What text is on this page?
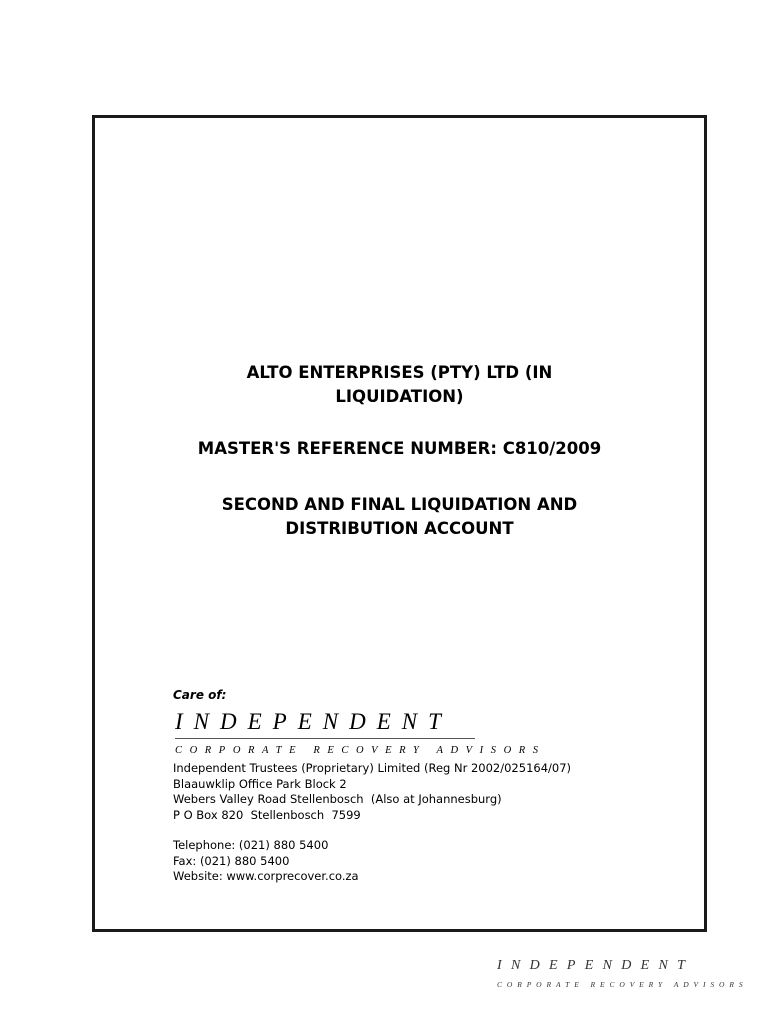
ALTO ENTERPRISES (PTY) LTD (IN
LIQUIDATION)
MASTER'S REFERENCE NUMBER: C810/2009
SECOND AND FINAL LIQUIDATION AND
DISTRIBUTION ACCOUNT
Care of:
INDEPENDENT
CORPORATE RECOVERY ADVISORS
Independent Trustees (Proprietary) Limited (Reg Nr 2002/025164/07)
Blaauwklip Office Park Block 2
Webers Valley Road Stellenbosch  (Also at Johannesburg)
P O Box 820  Stellenbosch  7599
Telephone: (021) 880 5400
Fax: (021) 880 5400
Website: www.corprecover.co.za
INDEPENDENT
CORPORATE RECOVERY ADVISORS
